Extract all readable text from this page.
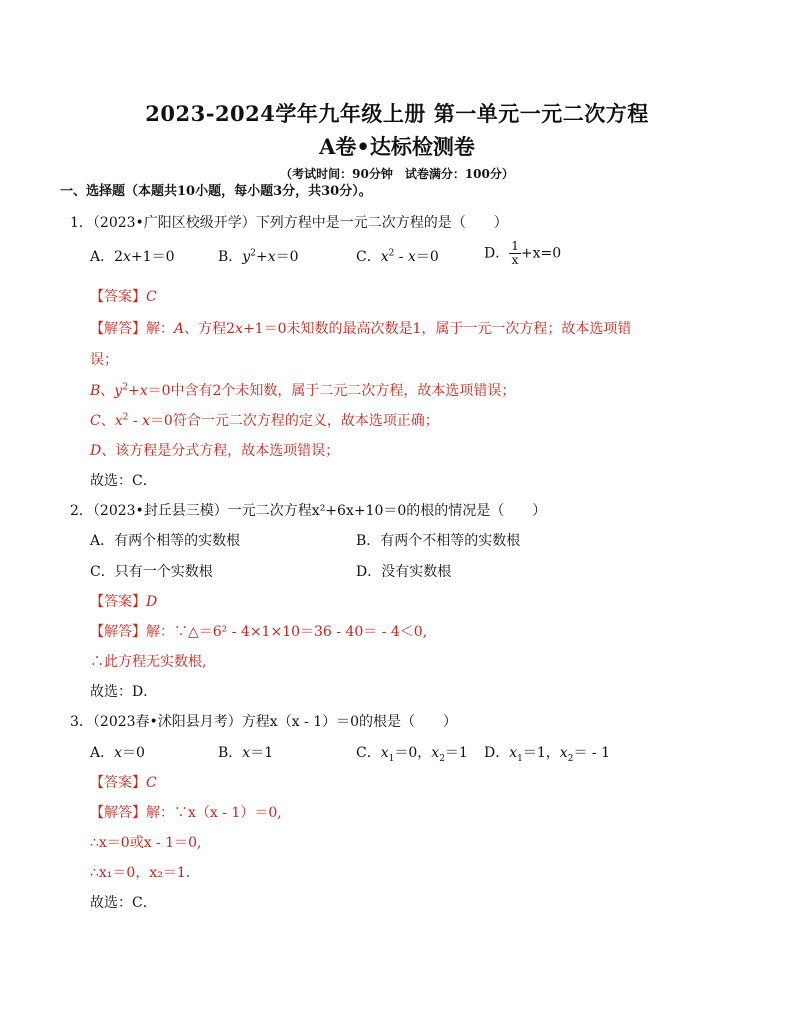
2023-2024学年九年级上册 第一单元一元二次方程
A卷•达标检测卷
（考试时间：90分钟　试卷满分：100分）
一、选择题（本题共10小题，每小题3分，共30分）。
1．（2023•广阳区校级开学）下列方程中是一元二次方程的是（　　）
A．2x+1＝0	B．$y^2+x=0$	C．$x^2 - x=0$	D． $\frac{1}{x} +x=0$
【答案】C
【解答】解：A、方程2x+1＝0未知数的最高次数是1，属于一元一次方程；故本选项错
误；
B、$y^2+x=0$中含有2个未知数，属于二元二次方程，故本选项错误；
C、$x^2 - x=0$符合一元二次方程的定义，故本选项正确；
D、该方程是分式方程，故本选项错误；
故选：C．
2．（2023•封丘县三模）一元二次方程x²+6x+10＝0的根的情况是（　　）
A．有两个相等的实数根	B．有两个不相等的实数根
C．只有一个实数根	D．没有实数根
【答案】D
【解答】解：∵△＝6² - 4×1×10＝36 - 40＝ - 4＜0,
∴此方程无实数根,
故选：D．
3．（2023春•沭阳县月考）方程x（x - 1）＝0的根是（　　）
A．x＝0	B．x＝1	C．$x_1=0$，$x_2=1$ D．$x_1=1$，$x_2= - 1$
【答案】C
【解答】解：∵x（x - 1）＝0,
∴x＝0或x - 1＝0,
∴x₁＝0，x₂＝1．
故选：C．
